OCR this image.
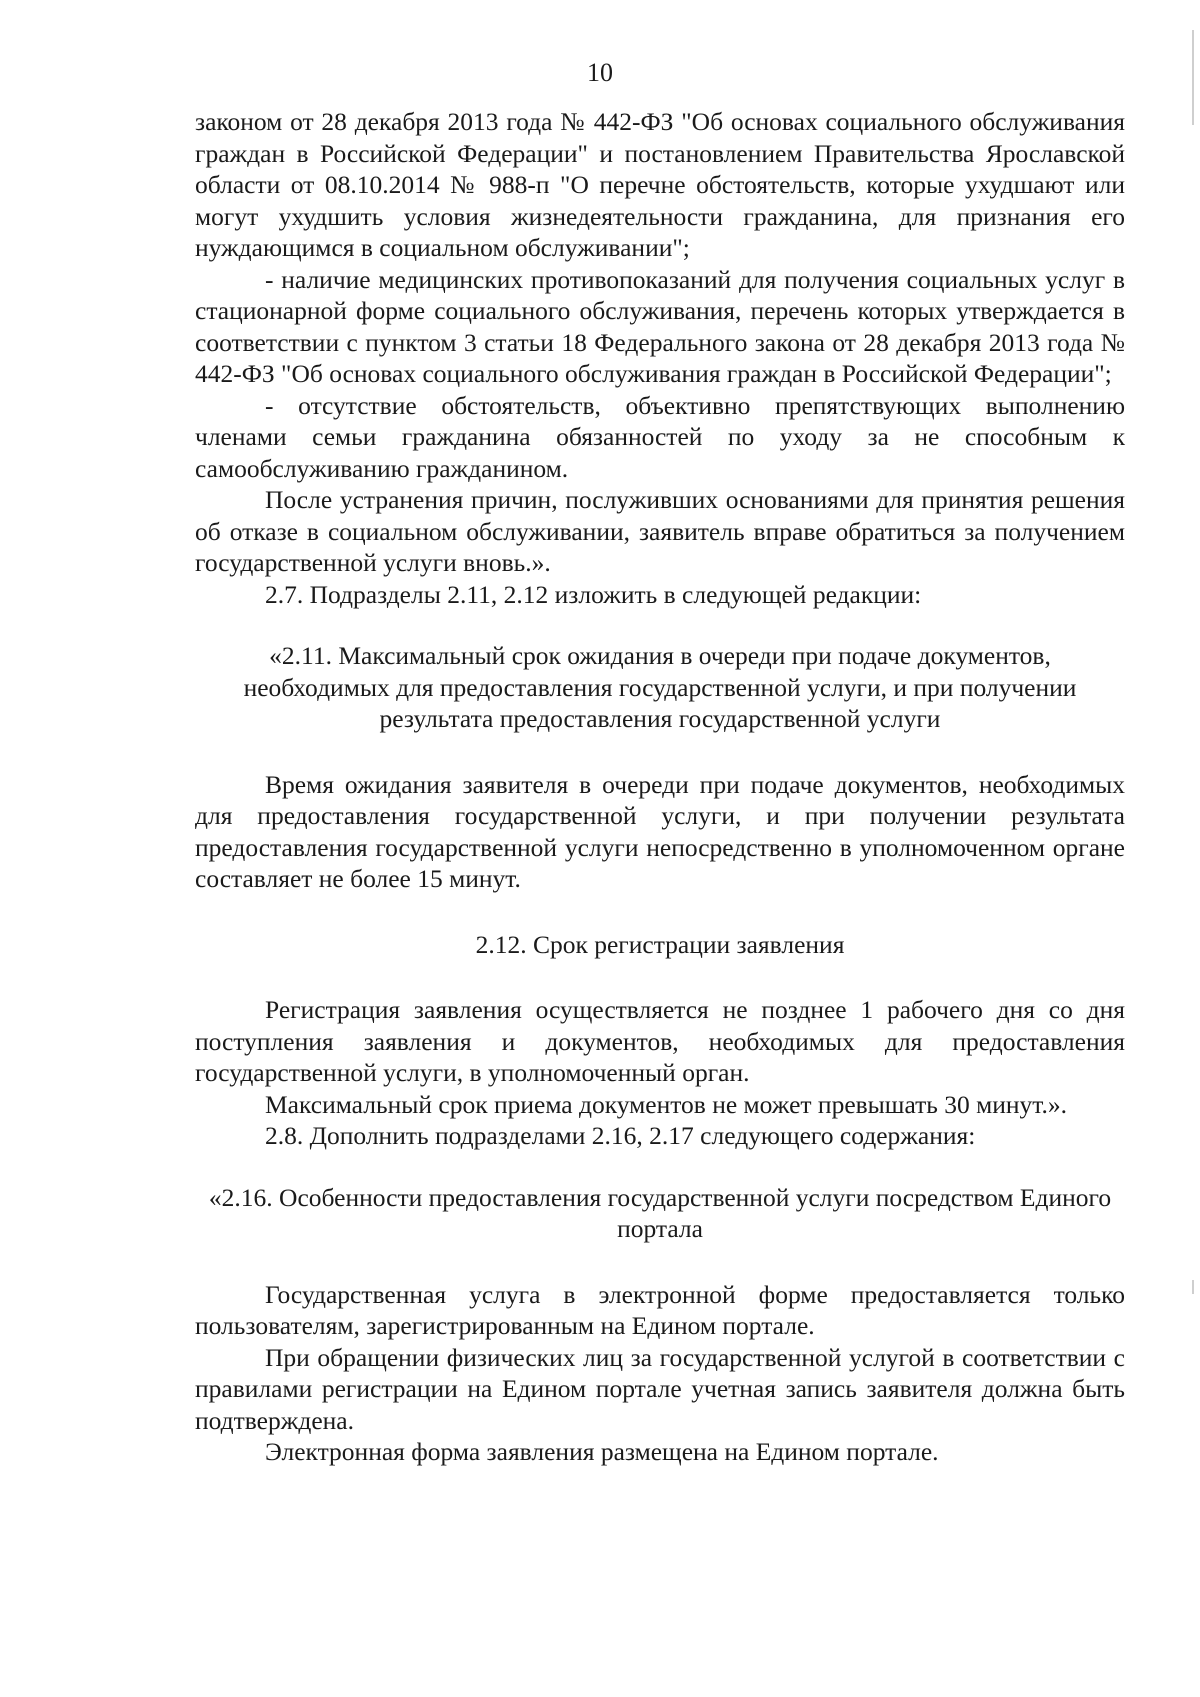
10

законом от 28 декабря 2013 года № 442-ФЗ "Об основах социального обслуживания граждан в Российской Федерации" и постановлением Правительства Ярославской области от 08.10.2014 № 988-п "О перечне обстоятельств, которые ухудшают или могут ухудшить условия жизнедеятельности гражданина, для признания его нуждающимся в социальном обслуживании";

- наличие медицинских противопоказаний для получения социальных услуг в стационарной форме социального обслуживания, перечень которых утверждается в соответствии с пунктом 3 статьи 18 Федерального закона от 28 декабря 2013 года № 442-ФЗ "Об основах социального обслуживания граждан в Российской Федерации";

- отсутствие обстоятельств, объективно препятствующих выполнению членами семьи гражданина обязанностей по уходу за не способным к самообслуживанию гражданином.

После устранения причин, послуживших основаниями для принятия решения об отказе в социальном обслуживании, заявитель вправе обратиться за получением государственной услуги вновь.».

2.7. Подразделы 2.11, 2.12 изложить в следующей редакции:

«2.11. Максимальный срок ожидания в очереди при подаче документов, необходимых для предоставления государственной услуги, и при получении результата предоставления государственной услуги

Время ожидания заявителя в очереди при подаче документов, необходимых для предоставления государственной услуги, и при получении результата предоставления государственной услуги непосредственно в уполномоченном органе составляет не более 15 минут.

2.12. Срок регистрации заявления

Регистрация заявления осуществляется не позднее 1 рабочего дня со дня поступления заявления и документов, необходимых для предоставления государственной услуги, в уполномоченный орган.

Максимальный срок приема документов не может превышать 30 минут.».

2.8. Дополнить подразделами 2.16, 2.17 следующего содержания:

«2.16. Особенности предоставления государственной услуги посредством Единого портала

Государственная услуга в электронной форме предоставляется только пользователям, зарегистрированным на Едином портале.

При обращении физических лиц за государственной услугой в соответствии с правилами регистрации на Едином портале учетная запись заявителя должна быть подтверждена.

Электронная форма заявления размещена на Едином портале.
